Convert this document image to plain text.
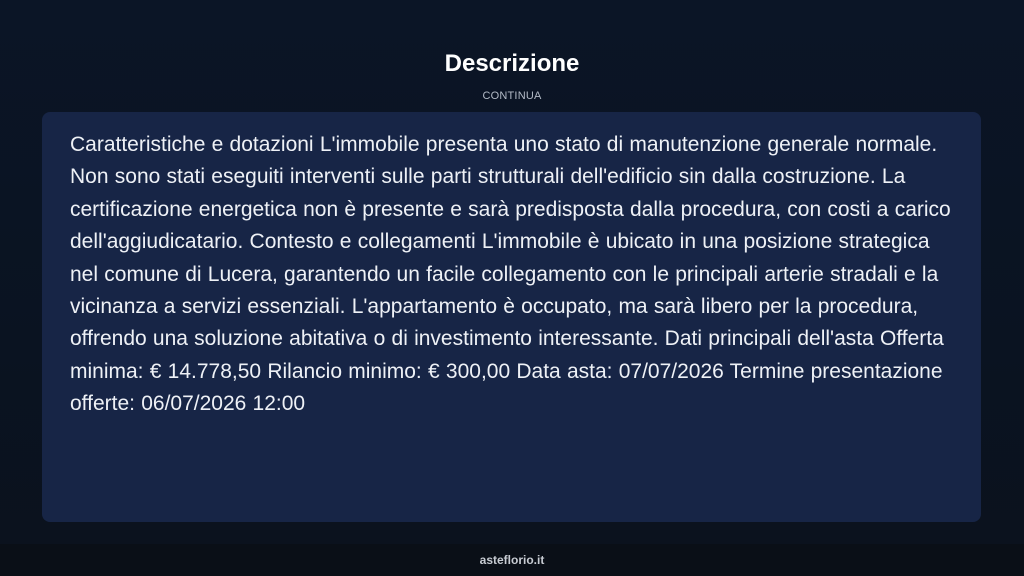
Descrizione
CONTINUA

Caratteristiche e dotazioni L'immobile presenta uno stato di manutenzione generale normale. Non sono stati eseguiti interventi sulle parti strutturali dell'edificio sin dalla costruzione. La certificazione energetica non è presente e sarà predisposta dalla procedura, con costi a carico dell'aggiudicatario. Contesto e collegamenti L'immobile è ubicato in una posizione strategica nel comune di Lucera, garantendo un facile collegamento con le principali arterie stradali e la vicinanza a servizi essenziali. L'appartamento è occupato, ma sarà libero per la procedura, offrendo una soluzione abitativa o di investimento interessante. Dati principali dell'asta Offerta minima: € 14.778,50 Rilancio minimo: € 300,00 Data asta: 07/07/2026 Termine presentazione offerte: 06/07/2026 12:00

asteflorio.it
